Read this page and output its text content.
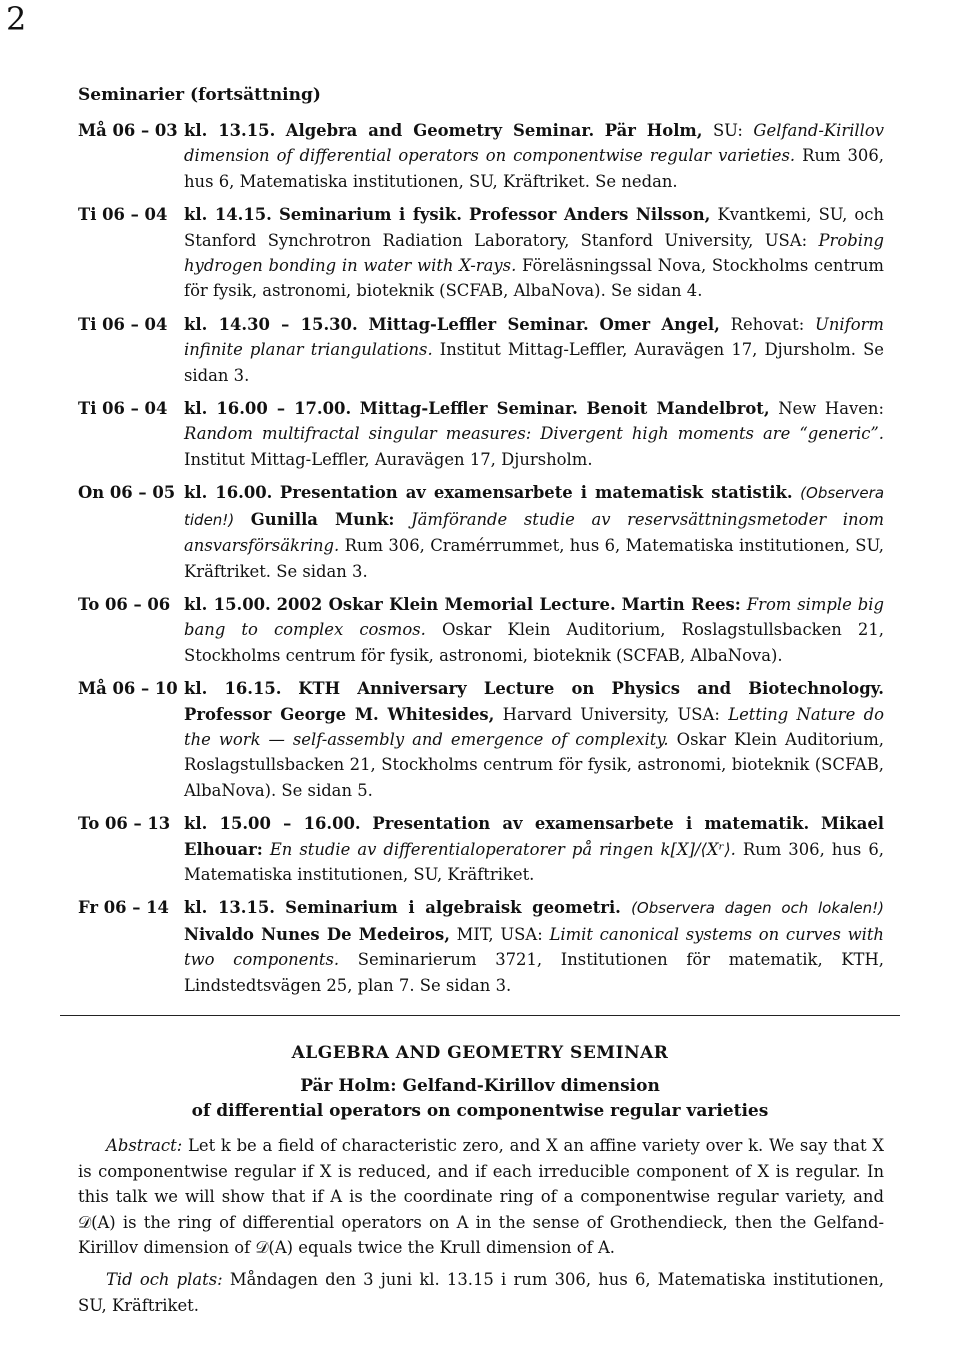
2
Seminarier (fortsättning)
Må 06 – 03 kl. 13.15. Algebra and Geometry Seminar. Pär Holm, SU: Gelfand-Kirillov dimension of differential operators on componentwise regular varieties. Rum 306, hus 6, Matematiska institutionen, SU, Kräftriket. Se nedan.
Ti 06 – 04	kl. 14.15. Seminarium i fysik. Professor Anders Nilsson, Kvantkemi, SU, och Stanford Synchrotron Radiation Laboratory, Stanford University, USA: Probing hydrogen bonding in water with X-rays. Föreläsningssal Nova, Stockholms centrum för fysik, astronomi, bioteknik (SCFAB, AlbaNova). Se sidan 4.
Ti 06 – 04	kl. 14.30 – 15.30. Mittag-Leffler Seminar. Omer Angel, Rehovat: Uniform infinite planar triangulations. Institut Mittag-Leffler, Auravägen 17, Djursholm. Se sidan 3.
Ti 06 – 04	kl. 16.00 – 17.00. Mittag-Leffler Seminar. Benoit Mandelbrot, New Haven: Random multifractal singular measures: Divergent high moments are “generic”. Institut Mittag-Leffler, Auravägen 17, Djursholm.
On 06 – 05 kl. 16.00. Presentation av examensarbete i matematisk statistik. (Observera tiden!) Gunilla Munk: Jämförande studie av reservsättningsmetoder inom ansvarsförsäkring. Rum 306, Cramérrummet, hus 6, Matematiska institutionen, SU, Kräftriket. Se sidan 3.
To 06 – 06 kl. 15.00. 2002 Oskar Klein Memorial Lecture. Martin Rees: From simple big bang to complex cosmos. Oskar Klein Auditorium, Roslagstullsbacken 21, Stockholms centrum för fysik, astronomi, bioteknik (SCFAB, AlbaNova).
Må 06 – 10 kl. 16.15. KTH Anniversary Lecture on Physics and Biotechnology. Professor George M. Whitesides, Harvard University, USA: Letting Nature do the work — self-assembly and emergence of complexity. Oskar Klein Auditorium, Roslagstullsbacken 21, Stockholms centrum för fysik, astronomi, bioteknik (SCFAB, AlbaNova). Se sidan 5.
To 06 – 13 kl. 15.00 – 16.00. Presentation av examensarbete i matematik. Mikael Elhouar: En studie av differentialoperatorer på ringen k[X]/⟨Xʳ⟩. Rum 306, hus 6, Matematiska institutionen, SU, Kräftriket.
Fr 06 – 14 kl. 13.15. Seminarium i algebraisk geometri. (Observera dagen och lokalen!) Nivaldo Nunes De Medeiros, MIT, USA: Limit canonical systems on curves with two components. Seminarierum 3721, Institutionen för matematik, KTH, Lindstedtsvägen 25, plan 7. Se sidan 3.
ALGEBRA AND GEOMETRY SEMINAR
Pär Holm: Gelfand-Kirillov dimension
of differential operators on componentwise regular varieties

Abstract: Let k be a field of characteristic zero, and X an affine variety over k. We say that X is componentwise regular if X is reduced, and if each irreducible component of X is regular. In this talk we will show that if A is the coordinate ring of a componentwise regular variety, and 𝒟(A) is the ring of differential operators on A in the sense of Grothendieck, then the Gelfand-Kirillov dimension of 𝒟(A) equals twice the Krull dimension of A.

Tid och plats: Måndagen den 3 juni kl. 13.15 i rum 306, hus 6, Matematiska institutionen, SU, Kräftriket.
